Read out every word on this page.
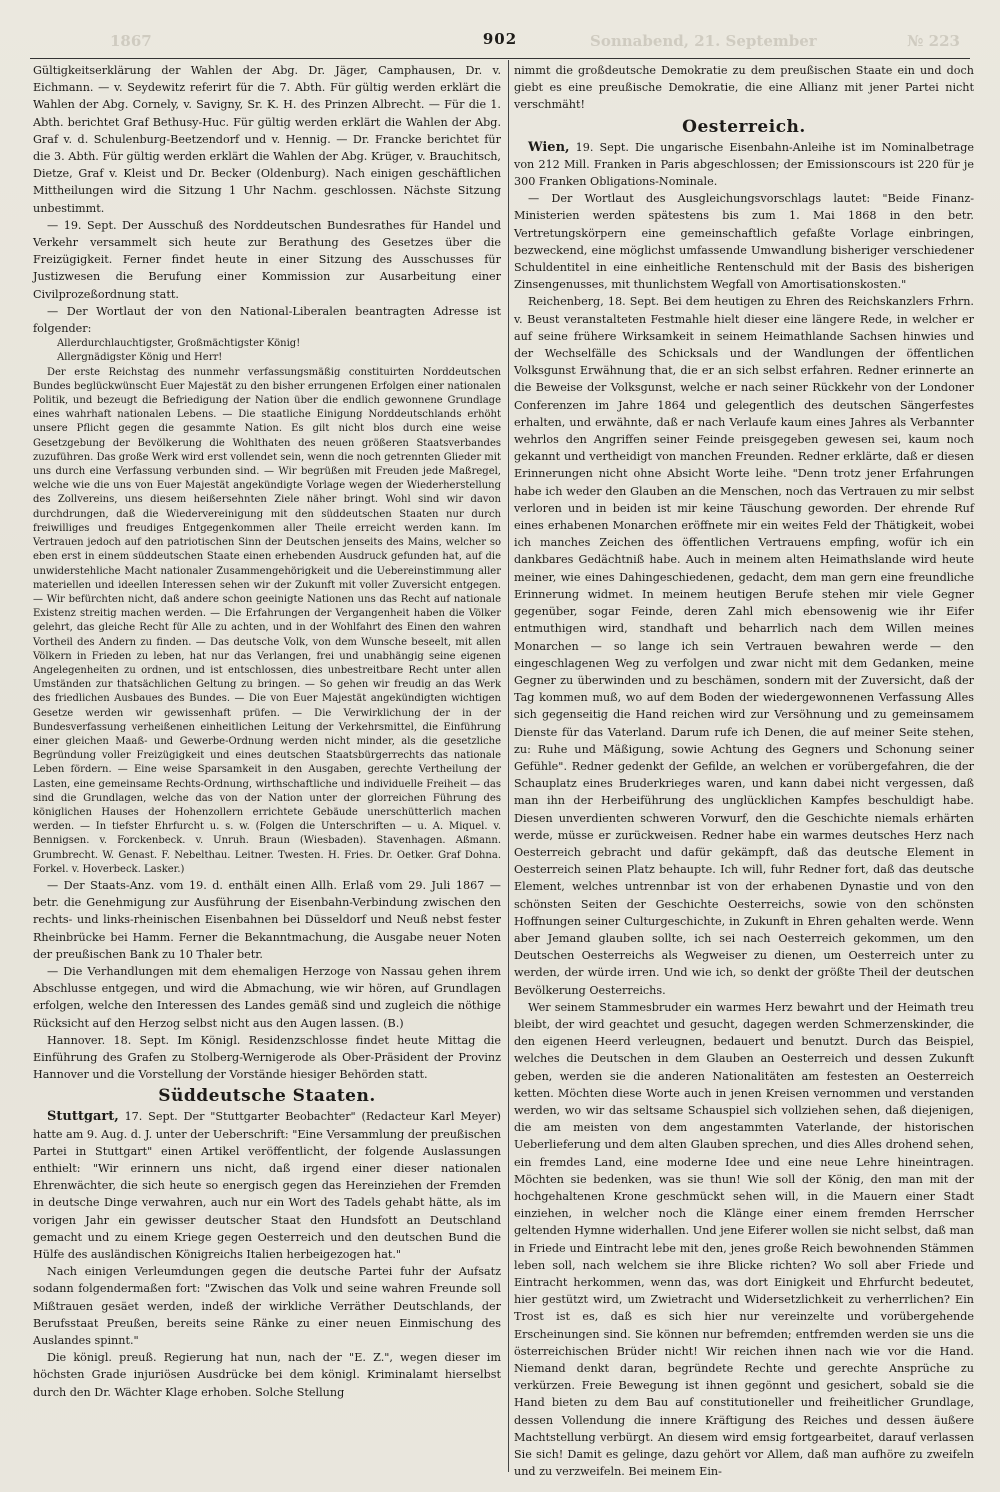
1867	Sonnabend, 21. September	№ 223
902

Gültigkeitserklärung der Wahlen der Abg. Dr. Jäger, Camphausen, Dr. v. Eichmann. — v. Seydewitz referirt für die 7. Abth. Für gültig werden erklärt die Wahlen der Abg. Cornely, v. Savigny, Sr. K. H. des Prinzen Albrecht. — Für die 1. Abth. berichtet Graf Bethusy-Huc. Für gültig werden erklärt die Wahlen der Abg. Graf v. d. Schulenburg-Beetzendorf und v. Hennig. — Dr. Francke berichtet für die 3. Abth. Für gültig werden erklärt die Wahlen der Abg. Krüger, v. Brauchitsch, Dietze, Graf v. Kleist und Dr. Becker (Oldenburg). Nach einigen geschäftlichen Mittheilungen wird die Sitzung 1 Uhr Nachm. geschlossen. Nächste Sitzung unbestimmt.

— 19. Sept. Der Ausschuß des Norddeutschen Bundesrathes für Handel und Verkehr versammelt sich heute zur Berathung des Gesetzes über die Freizügigkeit. Ferner findet heute in einer Sitzung des Ausschusses für Justizwesen die Berufung einer Kommission zur Ausarbeitung einer Civilprozeßordnung statt.

— Der Wortlaut der von den National-Liberalen beantragten Adresse ist folgender:

Allerdurchlauchtigster, Großmächtigster König!

Allergnädigster König und Herr!

Der erste Reichstag des nunmehr verfassungsmäßig constituirten Norddeutschen Bundes beglückwünscht Euer Majestät zu den bisher errungenen Erfolgen einer nationalen Politik, und bezeugt die Befriedigung der Nation über die endlich gewonnene Grundlage eines wahrhaft nationalen Lebens. — Die staatliche Einigung Norddeutschlands erhöht unsere Pflicht gegen die gesammte Nation. Es gilt nicht blos durch eine weise Gesetzgebung der Bevölkerung die Wohlthaten des neuen größeren Staatsverbandes zuzuführen. Das große Werk wird erst vollendet sein, wenn die noch getrennten Glieder mit uns durch eine Verfassung verbunden sind. — Wir begrüßen mit Freuden jede Maßregel, welche wie die uns von Euer Majestät angekündigte Vorlage wegen der Wiederherstellung des Zollvereins, uns diesem heißersehnten Ziele näher bringt. Wohl sind wir davon durchdrungen, daß die Wiedervereinigung mit den süddeutschen Staaten nur durch freiwilliges und freudiges Entgegenkommen aller Theile erreicht werden kann. Im Vertrauen jedoch auf den patriotischen Sinn der Deutschen jenseits des Mains, welcher so eben erst in einem süddeutschen Staate einen erhebenden Ausdruck gefunden hat, auf die unwiderstehliche Macht nationaler Zusammengehörigkeit und die Uebereinstimmung aller materiellen und ideellen Interessen sehen wir der Zukunft mit voller Zuversicht entgegen. — Wir befürchten nicht, daß andere schon geeinigte Nationen uns das Recht auf nationale Existenz streitig machen werden. — Die Erfahrungen der Vergangenheit haben die Völker gelehrt, das gleiche Recht für Alle zu achten, und in der Wohlfahrt des Einen den wahren Vortheil des Andern zu finden. — Das deutsche Volk, von dem Wunsche beseelt, mit allen Völkern in Frieden zu leben, hat nur das Verlangen, frei und unabhängig seine eigenen Angelegenheiten zu ordnen, und ist entschlossen, dies unbestreitbare Recht unter allen Umständen zur thatsächlichen Geltung zu bringen. — So gehen wir freudig an das Werk des friedlichen Ausbaues des Bundes. — Die von Euer Majestät angekündigten wichtigen Gesetze werden wir gewissenhaft prüfen. — Die Verwirklichung der in der Bundesverfassung verheißenen einheitlichen Leitung der Verkehrsmittel, die Einführung einer gleichen Maaß- und Gewerbe-Ordnung werden nicht minder, als die gesetzliche Begründung voller Freizügigkeit und eines deutschen Staatsbürgerrechts das nationale Leben fördern. — Eine weise Sparsamkeit in den Ausgaben, gerechte Vertheilung der Lasten, eine gemeinsame Rechts-Ordnung, wirthschaftliche und individuelle Freiheit — das sind die Grundlagen, welche das von der Nation unter der glorreichen Führung des königlichen Hauses der Hohenzollern errichtete Gebäude unerschütterlich machen werden. — In tiefster Ehrfurcht u. s. w. (Folgen die Unterschriften — u. A. Miquel. v. Bennigsen. v. Forckenbeck. v. Unruh. Braun (Wiesbaden). Stavenhagen. Aßmann. Grumbrecht. W. Genast. F. Nebelthau. Leitner. Twesten. H. Fries. Dr. Oetker. Graf Dohna. Forkel. v. Hoverbeck. Lasker.)

— Der Staats-Anz. vom 19. d. enthält einen Allh. Erlaß vom 29. Juli 1867 — betr. die Genehmigung zur Ausführung der Eisenbahn-Verbindung zwischen den rechts- und links-rheinischen Eisenbahnen bei Düsseldorf und Neuß nebst fester Rheinbrücke bei Hamm. Ferner die Bekanntmachung, die Ausgabe neuer Noten der preußischen Bank zu 10 Thaler betr.

— Die Verhandlungen mit dem ehemaligen Herzoge von Nassau gehen ihrem Abschlusse entgegen, und wird die Abmachung, wie wir hören, auf Grundlagen erfolgen, welche den Interessen des Landes gemäß sind und zugleich die nöthige Rücksicht auf den Herzog selbst nicht aus den Augen lassen. (B.)

Hannover. 18. Sept. Im Königl. Residenzschlosse findet heute Mittag die Einführung des Grafen zu Stolberg-Wernigerode als Ober-Präsident der Provinz Hannover und die Vorstellung der Vorstände hiesiger Behörden statt.

Süddeutsche Staaten.

Stuttgart, 17. Sept. Der "Stuttgarter Beobachter" (Redacteur Karl Meyer) hatte am 9. Aug. d. J. unter der Ueberschrift: "Eine Versammlung der preußischen Partei in Stuttgart" einen Artikel veröffentlicht, der folgende Auslassungen enthielt: "Wir erinnern uns nicht, daß irgend einer dieser nationalen Ehrenwächter, die sich heute so energisch gegen das Hereinziehen der Fremden in deutsche Dinge verwahren, auch nur ein Wort des Tadels gehabt hätte, als im vorigen Jahr ein gewisser deutscher Staat den Hundsfott an Deutschland gemacht und zu einem Kriege gegen Oesterreich und den deutschen Bund die Hülfe des ausländischen Königreichs Italien herbeigezogen hat."

Nach einigen Verleumdungen gegen die deutsche Partei fuhr der Aufsatz sodann folgendermaßen fort: "Zwischen das Volk und seine wahren Freunde soll Mißtrauen gesäet werden, indeß der wirkliche Verräther Deutschlands, der Berufsstaat Preußen, bereits seine Ränke zu einer neuen Einmischung des Auslandes spinnt."

Die königl. preuß. Regierung hat nun, nach der "E. Z.", wegen dieser im höchsten Grade injuriösen Ausdrücke bei dem königl. Kriminalamt hierselbst durch den Dr. Wächter Klage erhoben. Solche Stellung

nimmt die großdeutsche Demokratie zu dem preußischen Staate ein und doch giebt es eine preußische Demokratie, die eine Allianz mit jener Partei nicht verschmäht!

Oesterreich.

Wien, 19. Sept. Die ungarische Eisenbahn-Anleihe ist im Nominalbetrage von 212 Mill. Franken in Paris abgeschlossen; der Emissionscours ist 220 für je 300 Franken Obligations-Nominale.

— Der Wortlaut des Ausgleichungsvorschlags lautet: "Beide Finanz-Ministerien werden spätestens bis zum 1. Mai 1868 in den betr. Vertretungskörpern eine gemeinschaftlich gefaßte Vorlage einbringen, bezweckend, eine möglichst umfassende Umwandlung bisheriger verschiedener Schuldentitel in eine einheitliche Rentenschuld mit der Basis des bisherigen Zinsengenusses, mit thunlichstem Wegfall von Amortisationskosten."

Reichenberg, 18. Sept. Bei dem heutigen zu Ehren des Reichskanzlers Frhrn. v. Beust veranstalteten Festmahle hielt dieser eine längere Rede, in welcher er auf seine frühere Wirksamkeit in seinem Heimathlande Sachsen hinwies und der Wechselfälle des Schicksals und der Wandlungen der öffentlichen Volksgunst Erwähnung that, die er an sich selbst erfahren. Redner erinnerte an die Beweise der Volksgunst, welche er nach seiner Rückkehr von der Londoner Conferenzen im Jahre 1864 und gelegentlich des deutschen Sängerfestes erhalten, und erwähnte, daß er nach Verlaufe kaum eines Jahres als Verbannter wehrlos den Angriffen seiner Feinde preisgegeben gewesen sei, kaum noch gekannt und vertheidigt von manchen Freunden. Redner erklärte, daß er diesen Erinnerungen nicht ohne Absicht Worte leihe. "Denn trotz jener Erfahrungen habe ich weder den Glauben an die Menschen, noch das Vertrauen zu mir selbst verloren und in beiden ist mir keine Täuschung geworden. Der ehrende Ruf eines erhabenen Monarchen eröffnete mir ein weites Feld der Thätigkeit, wobei ich manches Zeichen des öffentlichen Vertrauens empfing, wofür ich ein dankbares Gedächtniß habe. Auch in meinem alten Heimathslande wird heute meiner, wie eines Dahingeschiedenen, gedacht, dem man gern eine freundliche Erinnerung widmet. In meinem heutigen Berufe stehen mir viele Gegner gegenüber, sogar Feinde, deren Zahl mich ebensowenig wie ihr Eifer entmuthigen wird, standhaft und beharrlich nach dem Willen meines Monarchen — so lange ich sein Vertrauen bewahren werde — den eingeschlagenen Weg zu verfolgen und zwar nicht mit dem Gedanken, meine Gegner zu überwinden und zu beschämen, sondern mit der Zuversicht, daß der Tag kommen muß, wo auf dem Boden der wiedergewonnenen Verfassung Alles sich gegenseitig die Hand reichen wird zur Versöhnung und zu gemeinsamem Dienste für das Vaterland. Darum rufe ich Denen, die auf meiner Seite stehen, zu: Ruhe und Mäßigung, sowie Achtung des Gegners und Schonung seiner Gefühle". Redner gedenkt der Gefilde, an welchen er vorübergefahren, die der Schauplatz eines Bruderkrieges waren, und kann dabei nicht vergessen, daß man ihn der Herbeiführung des unglücklichen Kampfes beschuldigt habe. Diesen unverdienten schweren Vorwurf, den die Geschichte niemals erhärten werde, müsse er zurückweisen. Redner habe ein warmes deutsches Herz nach Oesterreich gebracht und dafür gekämpft, daß das deutsche Element in Oesterreich seinen Platz behaupte. Ich will, fuhr Redner fort, daß das deutsche Element, welches untrennbar ist von der erhabenen Dynastie und von den schönsten Seiten der Geschichte Oesterreichs, sowie von den schönsten Hoffnungen seiner Culturgeschichte, in Zukunft in Ehren gehalten werde. Wenn aber Jemand glauben sollte, ich sei nach Oesterreich gekommen, um den Deutschen Oesterreichs als Wegweiser zu dienen, um Oesterreich unter zu werden, der würde irren. Und wie ich, so denkt der größte Theil der deutschen Bevölkerung Oesterreichs.

Wer seinem Stammesbruder ein warmes Herz bewahrt und der Heimath treu bleibt, der wird geachtet und gesucht, dagegen werden Schmerzenskinder, die den eigenen Heerd verleugnen, bedauert und benutzt. Durch das Beispiel, welches die Deutschen in dem Glauben an Oesterreich und dessen Zukunft geben, werden sie die anderen Nationalitäten am festesten an Oesterreich ketten. Möchten diese Worte auch in jenen Kreisen vernommen und verstanden werden, wo wir das seltsame Schauspiel sich vollziehen sehen, daß diejenigen, die am meisten von dem angestammten Vaterlande, der historischen Ueberlieferung und dem alten Glauben sprechen, und dies Alles drohend sehen, ein fremdes Land, eine moderne Idee und eine neue Lehre hineintragen. Möchten sie bedenken, was sie thun! Wie soll der König, den man mit der hochgehaltenen Krone geschmückt sehen will, in die Mauern einer Stadt einziehen, in welcher noch die Klänge einer einem fremden Herrscher geltenden Hymne widerhallen. Und jene Eiferer wollen sie nicht selbst, daß man in Friede und Eintracht lebe mit den, jenes große Reich bewohnenden Stämmen leben soll, nach welchem sie ihre Blicke richten? Wo soll aber Friede und Eintracht herkommen, wenn das, was dort Einigkeit und Ehrfurcht bedeutet, hier gestützt wird, um Zwietracht und Widersetzlichkeit zu verherrlichen? Ein Trost ist es, daß es sich hier nur vereinzelte und vorübergehende Erscheinungen sind. Sie können nur befremden; entfremden werden sie uns die österreichischen Brüder nicht! Wir reichen ihnen nach wie vor die Hand. Niemand denkt daran, begründete Rechte und gerechte Ansprüche zu verkürzen. Freie Bewegung ist ihnen gegönnt und gesichert, sobald sie die Hand bieten zu dem Bau auf constitutioneller und freiheitlicher Grundlage, dessen Vollendung die innere Kräftigung des Reiches und dessen äußere Machtstellung verbürgt. An diesem wird emsig fortgearbeitet, darauf verlassen Sie sich! Damit es gelinge, dazu gehört vor Allem, daß man aufhöre zu zweifeln und zu verzweifeln. Bei meinem Ein-
